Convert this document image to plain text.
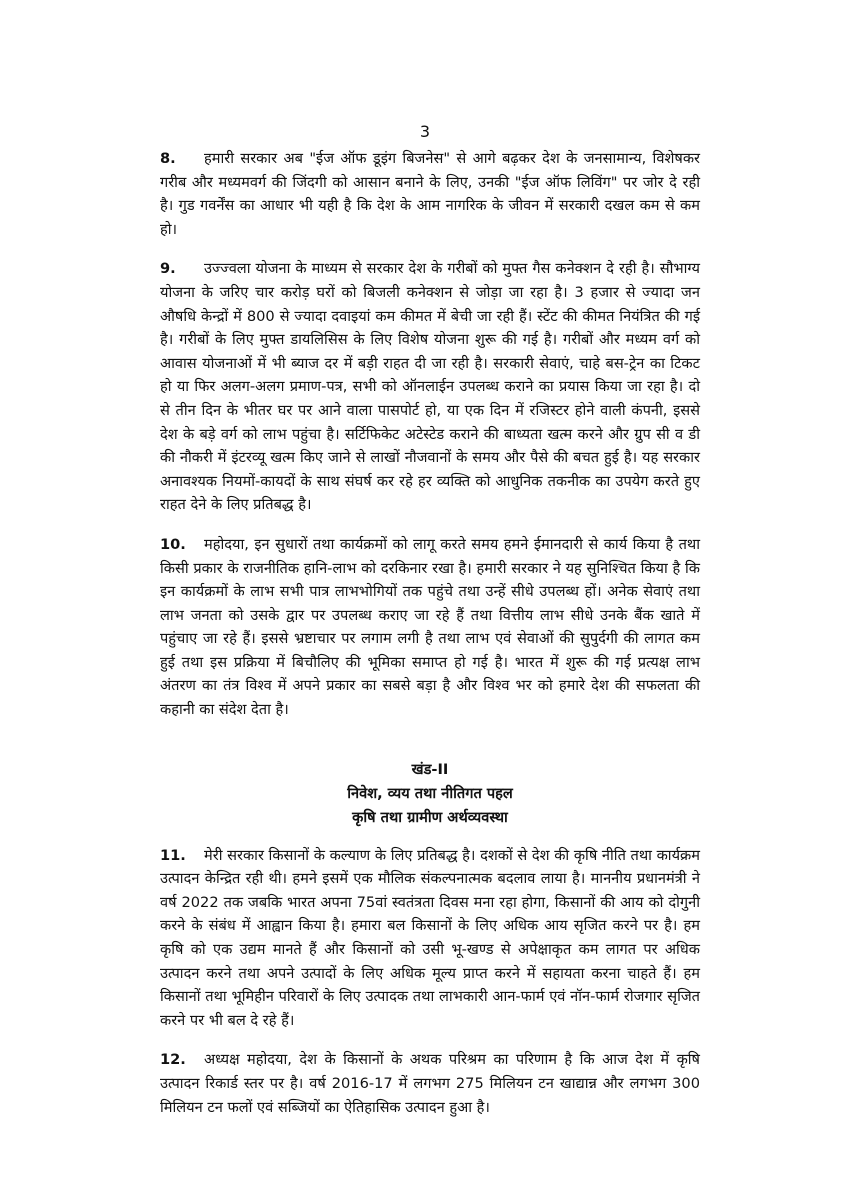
3

8. हमारी सरकार अब "ईज ऑफ डूइंग बिजनेस" से आगे बढ़कर देश के जनसामान्य, विशेषकर गरीब और मध्यमवर्ग की जिंदगी को आसान बनाने के लिए, उनकी "ईज ऑफ लिविंग" पर जोर दे रही है। गुड गवर्नेंस का आधार भी यही है कि देश के आम नागरिक के जीवन में सरकारी दखल कम से कम हो।

9. उज्ज्वला योजना के माध्यम से सरकार देश के गरीबों को मुफ्त गैस कनेक्शन दे रही है। सौभाग्य योजना के जरिए चार करोड़ घरों को बिजली कनेक्शन से जोड़ा जा रहा है। 3 हजार से ज्यादा जन औषधि केन्द्रों में 800 से ज्यादा दवाइयां कम कीमत में बेची जा रही हैं। स्टेंट की कीमत नियंत्रित की गई है। गरीबों के लिए मुफ्त डायलिसिस के लिए विशेष योजना शुरू की गई है। गरीबों और मध्यम वर्ग को आवास योजनाओं में भी ब्याज दर में बड़ी राहत दी जा रही है। सरकारी सेवाएं, चाहे बस-ट्रेन का टिकट हो या फिर अलग-अलग प्रमाण-पत्र, सभी को ऑनलाईन उपलब्ध कराने का प्रयास किया जा रहा है। दो से तीन दिन के भीतर घर पर आने वाला पासपोर्ट हो, या एक दिन में रजिस्टर होने वाली कंपनी, इससे देश के बड़े वर्ग को लाभ पहुंचा है। सर्टिफिकेट अटेस्टेड कराने की बाध्यता खत्म करने और ग्रुप सी व डी की नौकरी में इंटरव्यू खत्म किए जाने से लाखों नौजवानों के समय और पैसे की बचत हुई है। यह सरकार अनावश्यक नियमों-कायदों के साथ संघर्ष कर रहे हर व्यक्ति को आधुनिक तकनीक का उपयेग करते हुए राहत देने के लिए प्रतिबद्ध है।

10. महोदया, इन सुधारों तथा कार्यक्रमों को लागू करते समय हमने ईमानदारी से कार्य किया है तथा किसी प्रकार के राजनीतिक हानि-लाभ को दरकिनार रखा है। हमारी सरकार ने यह सुनिश्चित किया है कि इन कार्यक्रमों के लाभ सभी पात्र लाभभोगियों तक पहुंचे तथा उन्हें सीधे उपलब्ध हों। अनेक सेवाएं तथा लाभ जनता को उसके द्वार पर उपलब्ध कराए जा रहे हैं तथा वित्तीय लाभ सीधे उनके बैंक खाते में पहुंचाए जा रहे हैं। इससे भ्रष्टाचार पर लगाम लगी है तथा लाभ एवं सेवाओं की सुपुर्दगी की लागत कम हुई तथा इस प्रक्रिया में बिचौलिए की भूमिका समाप्त हो गई है। भारत में शुरू की गई प्रत्यक्ष लाभ अंतरण का तंत्र विश्व में अपने प्रकार का सबसे बड़ा है और विश्व भर को हमारे देश की सफलता की कहानी का संदेश देता है।

खंड-II
निवेश, व्यय तथा नीतिगत पहल
कृषि तथा ग्रामीण अर्थव्यवस्था

11. मेरी सरकार किसानों के कल्याण के लिए प्रतिबद्ध है। दशकों से देश की कृषि नीति तथा कार्यक्रम उत्पादन केन्द्रित रही थी। हमने इसमें एक मौलिक संकल्पनात्मक बदलाव लाया है। माननीय प्रधानमंत्री ने वर्ष 2022 तक जबकि भारत अपना 75वां स्वतंत्रता दिवस मना रहा होगा, किसानों की आय को दोगुनी करने के संबंध में आह्वान किया है। हमारा बल किसानों के लिए अधिक आय सृजित करने पर है। हम कृषि को एक उद्यम मानते हैं और किसानों को उसी भू-खण्ड से अपेक्षाकृत कम लागत पर अधिक उत्पादन करने तथा अपने उत्पादों के लिए अधिक मूल्य प्राप्त करने में सहायता करना चाहते हैं। हम किसानों तथा भूमिहीन परिवारों के लिए उत्पादक तथा लाभकारी आन-फार्म एवं नॉन-फार्म रोजगार सृजित करने पर भी बल दे रहे हैं।

12. अध्यक्ष महोदया, देश के किसानों के अथक परिश्रम का परिणाम है कि आज देश में कृषि उत्पादन रिकार्ड स्तर पर है। वर्ष 2016-17 में लगभग 275 मिलियन टन खाद्यान्न और लगभग 300 मिलियन टन फलों एवं सब्जियों का ऐतिहासिक उत्पादन हुआ है।
